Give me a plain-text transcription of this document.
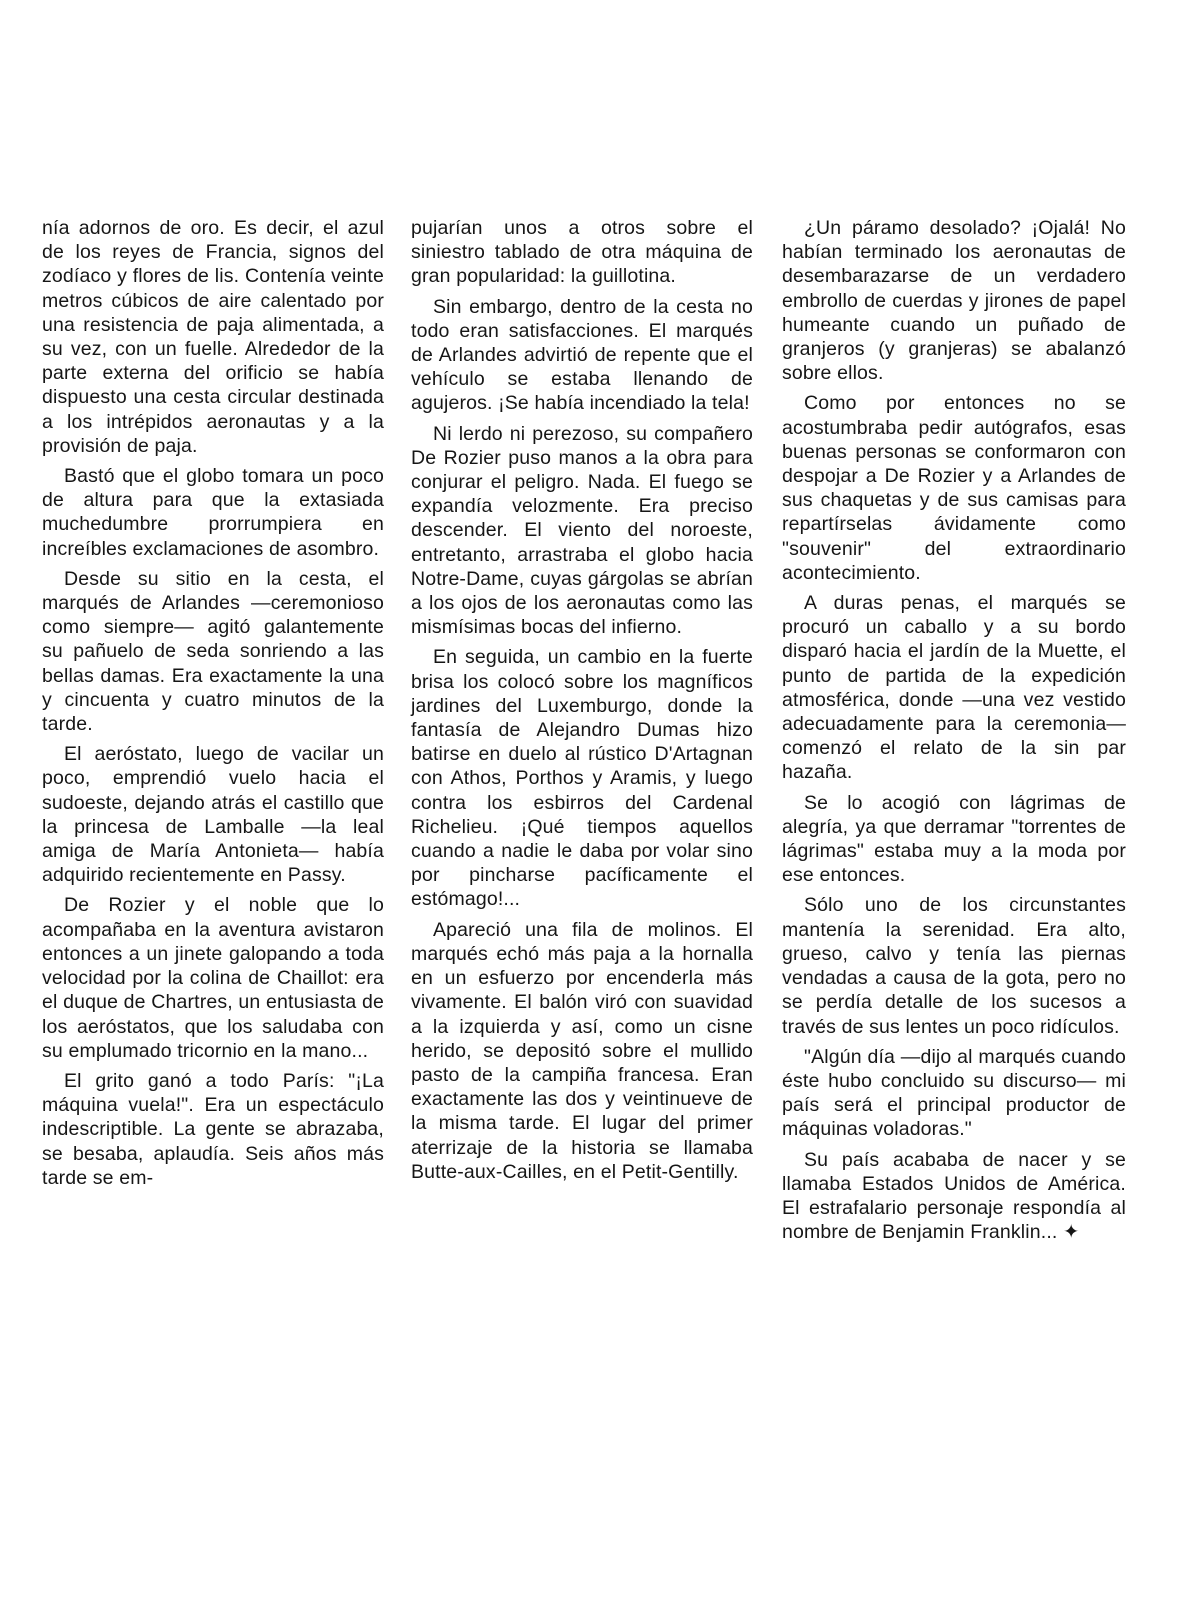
nía adornos de oro. Es decir, el azul de los reyes de Francia, signos del zodíaco y flores de lis. Contenía veinte metros cúbicos de aire calentado por una resistencia de paja alimentada, a su vez, con un fuelle. Alrededor de la parte externa del orificio se había dispuesto una cesta circular destinada a los intrépidos aeronautas y a la provisión de paja.

Bastó que el globo tomara un poco de altura para que la extasiada muchedumbre prorrumpiera en increíbles exclamaciones de asombro.

Desde su sitio en la cesta, el marqués de Arlandes —ceremonioso como siempre— agitó galantemente su pañuelo de seda sonriendo a las bellas damas. Era exactamente la una y cincuenta y cuatro minutos de la tarde.

El aeróstato, luego de vacilar un poco, emprendió vuelo hacia el sudoeste, dejando atrás el castillo que la princesa de Lamballe —la leal amiga de María Antonieta— había adquirido recientemente en Passy.

De Rozier y el noble que lo acompañaba en la aventura avistaron entonces a un jinete galopando a toda velocidad por la colina de Chaillot: era el duque de Chartres, un entusiasta de los aeróstatos, que los saludaba con su emplumado tricornio en la mano...

El grito ganó a todo París: "¡La máquina vuela!". Era un espectáculo indescriptible. La gente se abrazaba, se besaba, aplaudía. Seis años más tarde se em-

pujarían unos a otros sobre el siniestro tablado de otra máquina de gran popularidad: la guillotina.

Sin embargo, dentro de la cesta no todo eran satisfacciones. El marqués de Arlandes advirtió de repente que el vehículo se estaba llenando de agujeros. ¡Se había incendiado la tela!

Ni lerdo ni perezoso, su compañero De Rozier puso manos a la obra para conjurar el peligro. Nada. El fuego se expandía velozmente. Era preciso descender. El viento del noroeste, entretanto, arrastraba el globo hacia Notre-Dame, cuyas gárgolas se abrían a los ojos de los aeronautas como las mismísimas bocas del infierno.

En seguida, un cambio en la fuerte brisa los colocó sobre los magníficos jardines del Luxemburgo, donde la fantasía de Alejandro Dumas hizo batirse en duelo al rústico D'Artagnan con Athos, Porthos y Aramis, y luego contra los esbirros del Cardenal Richelieu. ¡Qué tiempos aquellos cuando a nadie le daba por volar sino por pincharse pacíficamente el estómago!...

Apareció una fila de molinos. El marqués echó más paja a la hornalla en un esfuerzo por encenderla más vivamente. El balón viró con suavidad a la izquierda y así, como un cisne herido, se depositó sobre el mullido pasto de la campiña francesa. Eran exactamente las dos y veintinueve de la misma tarde. El lugar del primer aterrizaje de la historia se llamaba Butte-aux-Cailles, en el Petit-Gentilly.

¿Un páramo desolado? ¡Ojalá! No habían terminado los aeronautas de desembarazarse de un verdadero embrollo de cuerdas y jirones de papel humeante cuando un puñado de granjeros (y granjeras) se abalanzó sobre ellos.

Como por entonces no se acostumbraba pedir autógrafos, esas buenas personas se conformaron con despojar a De Rozier y a Arlandes de sus chaquetas y de sus camisas para repartírselas ávidamente como "souvenir" del extraordinario acontecimiento.

A duras penas, el marqués se procuró un caballo y a su bordo disparó hacia el jardín de la Muette, el punto de partida de la expedición atmosférica, donde —una vez vestido adecuadamente para la ceremonia— comenzó el relato de la sin par hazaña.

Se lo acogió con lágrimas de alegría, ya que derramar "torrentes de lágrimas" estaba muy a la moda por ese entonces.

Sólo uno de los circunstantes mantenía la serenidad. Era alto, grueso, calvo y tenía las piernas vendadas a causa de la gota, pero no se perdía detalle de los sucesos a través de sus lentes un poco ridículos.

"Algún día —dijo al marqués cuando éste hubo concluido su discurso— mi país será el principal productor de máquinas voladoras."

Su país acababa de nacer y se llamaba Estados Unidos de América. El estrafalario personaje respondía al nombre de Benjamin Franklin... ✦
